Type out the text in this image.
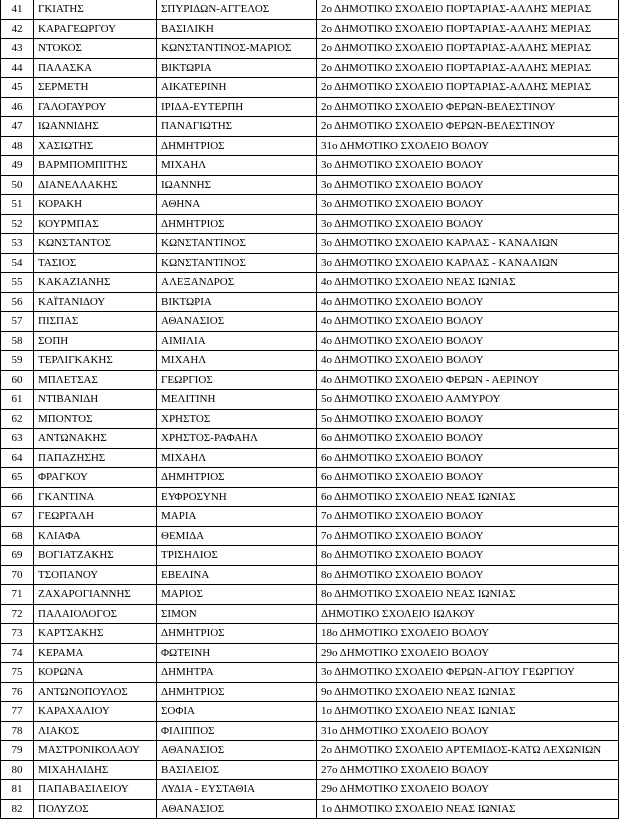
41	ΓΚΙΑΤΗΣ	ΣΠΥΡΙΔΩΝ-ΑΓΓΕΛΟΣ	2ο ΔΗΜΟΤΙΚΟ ΣΧΟΛΕΙΟ ΠΟΡΤΑΡΙΑΣ-ΑΛΛΗΣ ΜΕΡΙΑΣ
42	ΚΑΡΑΓΕΩΡΓΟΥ	ΒΑΣΙΛΙΚΗ	2ο ΔΗΜΟΤΙΚΟ ΣΧΟΛΕΙΟ ΠΟΡΤΑΡΙΑΣ-ΑΛΛΗΣ ΜΕΡΙΑΣ
43	ΝΤΟΚΟΣ	ΚΩΝΣΤΑΝΤΙΝΟΣ-ΜΑΡΙΟΣ	2ο ΔΗΜΟΤΙΚΟ ΣΧΟΛΕΙΟ ΠΟΡΤΑΡΙΑΣ-ΑΛΛΗΣ ΜΕΡΙΑΣ
44	ΠΑΛΑΣΚΑ	ΒΙΚΤΩΡΙΑ	2ο ΔΗΜΟΤΙΚΟ ΣΧΟΛΕΙΟ ΠΟΡΤΑΡΙΑΣ-ΑΛΛΗΣ ΜΕΡΙΑΣ
45	ΣΕΡΜΕΤΗ	ΑΙΚΑΤΕΡΙΝΗ	2ο ΔΗΜΟΤΙΚΟ ΣΧΟΛΕΙΟ ΠΟΡΤΑΡΙΑΣ-ΑΛΛΗΣ ΜΕΡΙΑΣ
46	ΓΑΛΟΓΑΥΡΟΥ	ΙΡΙΔΑ-ΕΥΤΕΡΠΗ	2ο ΔΗΜΟΤΙΚΟ ΣΧΟΛΕΙΟ ΦΕΡΩΝ-ΒΕΛΕΣΤΙΝΟΥ
47	ΙΩΑΝΝΙΔΗΣ	ΠΑΝΑΓΙΩΤΗΣ	2ο ΔΗΜΟΤΙΚΟ ΣΧΟΛΕΙΟ ΦΕΡΩΝ-ΒΕΛΕΣΤΙΝΟΥ
48	ΧΑΣΙΩΤΗΣ	ΔΗΜΗΤΡΙΟΣ	31ο ΔΗΜΟΤΙΚΟ ΣΧΟΛΕΙΟ ΒΟΛΟΥ
49	ΒΑΡΜΠΟΜΠΙΤΗΣ	ΜΙΧΑΗΛ	3ο ΔΗΜΟΤΙΚΟ ΣΧΟΛΕΙΟ ΒΟΛΟΥ
50	ΔΙΑΝΕΛΛΑΚΗΣ	ΙΩΑΝΝΗΣ	3ο ΔΗΜΟΤΙΚΟ ΣΧΟΛΕΙΟ ΒΟΛΟΥ
51	ΚΟΡΑΚΗ	ΑΘΗΝΑ	3ο ΔΗΜΟΤΙΚΟ ΣΧΟΛΕΙΟ ΒΟΛΟΥ
52	ΚΟΥΡΜΠΑΣ	ΔΗΜΗΤΡΙΟΣ	3ο ΔΗΜΟΤΙΚΟ ΣΧΟΛΕΙΟ ΒΟΛΟΥ
53	ΚΩΝΣΤΑΝΤΟΣ	ΚΩΝΣΤΑΝΤΙΝΟΣ	3ο ΔΗΜΟΤΙΚΟ ΣΧΟΛΕΙΟ ΚΑΡΛΑΣ - ΚΑΝΑΛΙΩΝ
54	ΤΑΣΙΟΣ	ΚΩΝΣΤΑΝΤΙΝΟΣ	3ο ΔΗΜΟΤΙΚΟ ΣΧΟΛΕΙΟ ΚΑΡΛΑΣ - ΚΑΝΑΛΙΩΝ
55	ΚΑΚΑΖΙΑΝΗΣ	ΑΛΕΞΑΝΔΡΟΣ	4ο ΔΗΜΟΤΙΚΟ ΣΧΟΛΕΙΟ ΝΕΑΣ ΙΩΝΙΑΣ
56	ΚΑΪΤΑΝΙΔΟΥ	ΒΙΚΤΩΡΙΑ	4ο ΔΗΜΟΤΙΚΟ ΣΧΟΛΕΙΟ ΒΟΛΟΥ
57	ΠΙΣΠΑΣ	ΑΘΑΝΑΣΙΟΣ	4ο ΔΗΜΟΤΙΚΟ ΣΧΟΛΕΙΟ ΒΟΛΟΥ
58	ΣΟΠΗ	ΑΙΜΙΛΙΑ	4ο ΔΗΜΟΤΙΚΟ ΣΧΟΛΕΙΟ ΒΟΛΟΥ
59	ΤΕΡΛΙΓΚΑΚΗΣ	ΜΙΧΑΗΛ	4ο ΔΗΜΟΤΙΚΟ ΣΧΟΛΕΙΟ ΒΟΛΟΥ
60	ΜΠΛΕΤΣΑΣ	ΓΕΩΡΓΙΟΣ	4ο ΔΗΜΟΤΙΚΟ ΣΧΟΛΕΙΟ ΦΕΡΩΝ - ΑΕΡΙΝΟΥ
61	ΝΤΙΒΑΝΙΔΗ	ΜΕΛΙΤΙΝΗ	5ο ΔΗΜΟΤΙΚΟ ΣΧΟΛΕΙΟ ΑΛΜΥΡΟΥ
62	ΜΠΟΝΤΟΣ	ΧΡΗΣΤΟΣ	5ο ΔΗΜΟΤΙΚΟ ΣΧΟΛΕΙΟ ΒΟΛΟΥ
63	ΑΝΤΩΝΑΚΗΣ	ΧΡΗΣΤΟΣ-ΡΑΦΑΗΛ	6ο ΔΗΜΟΤΙΚΟ ΣΧΟΛΕΙΟ ΒΟΛΟΥ
64	ΠΑΠΑΖΗΣΗΣ	ΜΙΧΑΗΛ	6ο ΔΗΜΟΤΙΚΟ ΣΧΟΛΕΙΟ ΒΟΛΟΥ
65	ΦΡΑΓΚΟΥ	ΔΗΜΗΤΡΙΟΣ	6ο ΔΗΜΟΤΙΚΟ ΣΧΟΛΕΙΟ ΒΟΛΟΥ
66	ΓΚΑΝΤΙΝΑ	ΕΥΦΡΟΣΥΝΗ	6ο ΔΗΜΟΤΙΚΟ ΣΧΟΛΕΙΟ ΝΕΑΣ ΙΩΝΙΑΣ
67	ΓΕΩΡΓΑΛΗ	ΜΑΡΙΑ	7ο ΔΗΜΟΤΙΚΟ ΣΧΟΛΕΙΟ ΒΟΛΟΥ
68	ΚΛΙΑΦΑ	ΘΕΜΙΔΑ	7ο ΔΗΜΟΤΙΚΟ ΣΧΟΛΕΙΟ ΒΟΛΟΥ
69	ΒΟΓΙΑΤΖΑΚΗΣ	ΤΡΙΣΗΛΙΟΣ	8ο ΔΗΜΟΤΙΚΟ ΣΧΟΛΕΙΟ ΒΟΛΟΥ
70	ΤΣΟΠΑΝΟΥ	ΕΒΕΛΙΝΑ	8ο ΔΗΜΟΤΙΚΟ ΣΧΟΛΕΙΟ ΒΟΛΟΥ
71	ΖΑΧΑΡΟΓΙΑΝΝΗΣ	ΜΑΡΙΟΣ	8ο ΔΗΜΟΤΙΚΟ ΣΧΟΛΕΙΟ ΝΕΑΣ ΙΩΝΙΑΣ
72	ΠΑΛΑΙΟΛΟΓΟΣ	ΣΙΜΟΝ	ΔΗΜΟΤΙΚΟ ΣΧΟΛΕΙΟ ΙΩΛΚΟΥ
73	ΚΑΡΤΣΑΚΗΣ	ΔΗΜΗΤΡΙΟΣ	18ο ΔΗΜΟΤΙΚΟ ΣΧΟΛΕΙΟ ΒΟΛΟΥ
74	ΚΕΡΑΜΑ	ΦΩΤΕΙΝΗ	29ο ΔΗΜΟΤΙΚΟ ΣΧΟΛΕΙΟ ΒΟΛΟΥ
75	ΚΟΡΩΝΑ	ΔΗΜΗΤΡΑ	3ο ΔΗΜΟΤΙΚΟ ΣΧΟΛΕΙΟ ΦΕΡΩΝ-ΑΓΙΟΥ ΓΕΩΡΓΙΟΥ
76	ΑΝΤΩΝΟΠΟΥΛΟΣ	ΔΗΜΗΤΡΙΟΣ	9ο ΔΗΜΟΤΙΚΟ ΣΧΟΛΕΙΟ ΝΕΑΣ ΙΩΝΙΑΣ
77	ΚΑΡΑΧΑΛΙΟΥ	ΣΟΦΙΑ	1ο ΔΗΜΟΤΙΚΟ ΣΧΟΛΕΙΟ ΝΕΑΣ ΙΩΝΙΑΣ
78	ΛΙΑΚΟΣ	ΦΙΛΙΠΠΟΣ	31ο ΔΗΜΟΤΙΚΟ ΣΧΟΛΕΙΟ ΒΟΛΟΥ
79	ΜΑΣΤΡΟΝΙΚΟΛΑΟΥ	ΑΘΑΝΑΣΙΟΣ	2ο ΔΗΜΟΤΙΚΟ ΣΧΟΛΕΙΟ ΑΡΤΕΜΙΔΟΣ-ΚΑΤΩ ΛΕΧΩΝΙΩΝ
80	ΜΙΧΑΗΛΙΔΗΣ	ΒΑΣΙΛΕΙΟΣ	27ο ΔΗΜΟΤΙΚΟ ΣΧΟΛΕΙΟ ΒΟΛΟΥ
81	ΠΑΠΑΒΑΣΙΛΕΙΟΥ	ΛΥΔΙΑ - ΕΥΣΤΑΘΙΑ	29ο ΔΗΜΟΤΙΚΟ ΣΧΟΛΕΙΟ ΒΟΛΟΥ
82	ΠΟΛΥΖΟΣ	ΑΘΑΝΑΣΙΟΣ	1ο ΔΗΜΟΤΙΚΟ ΣΧΟΛΕΙΟ ΝΕΑΣ ΙΩΝΙΑΣ
